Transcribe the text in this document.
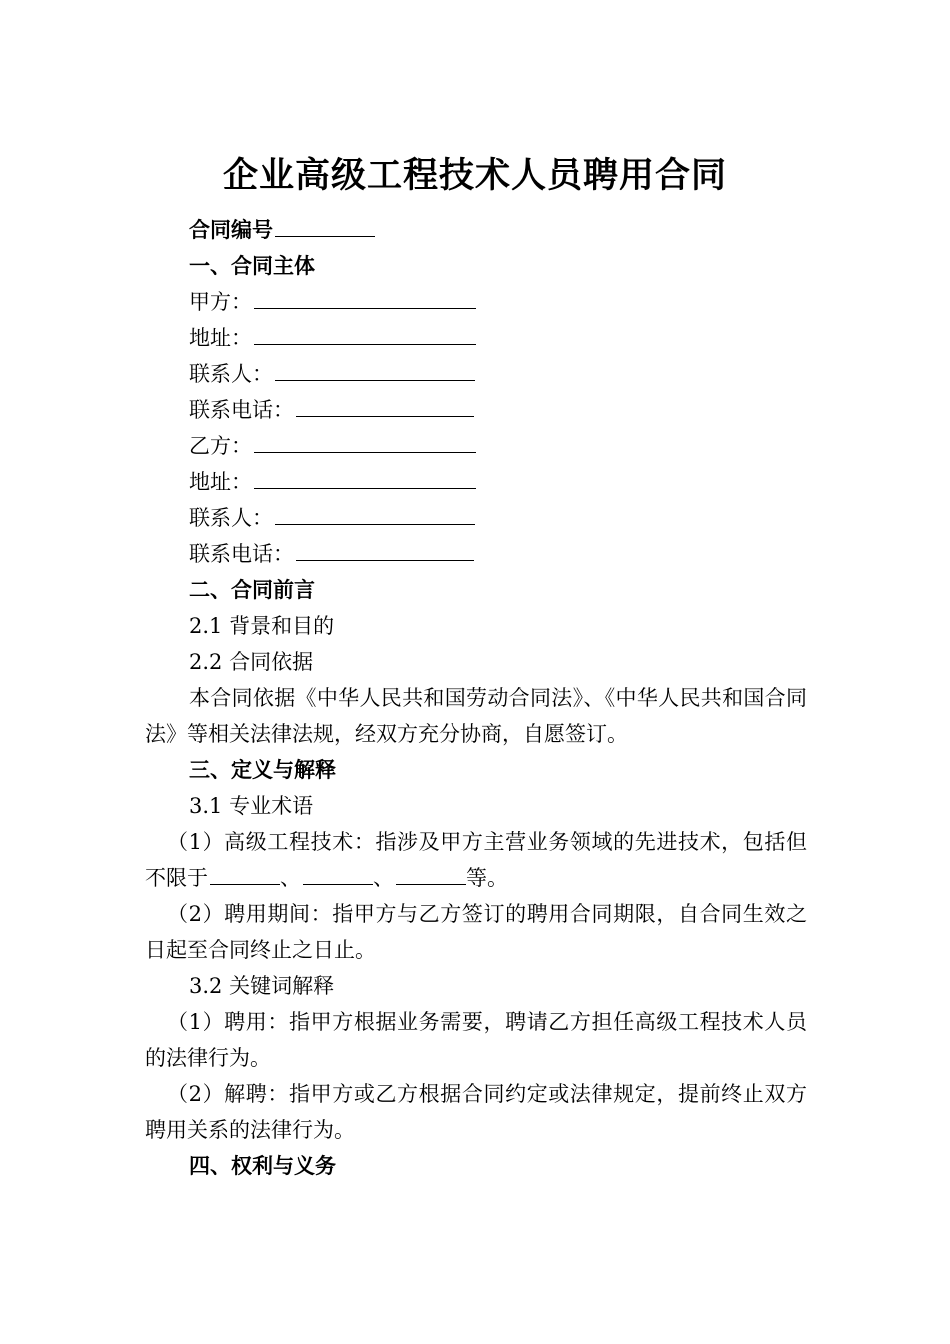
企业高级工程技术人员聘用合同
合同编号
一、合同主体
甲方：
地址：
联系人：
联系电话：
乙方：
地址：
联系人：
联系电话：
二、合同前言
2.1 背景和目的
2.2 合同依据

本合同依据《中华人民共和国劳动合同法》、《中华人民共和国合同法》等相关法律法规，经双方充分协商，自愿签订。

三、定义与解释
3.1 专业术语

（1）高级工程技术：指涉及甲方主营业务领域的先进技术，包括但不限于	、	、	等。

（2）聘用期间：指甲方与乙方签订的聘用合同期限，自合同生效之日起至合同终止之日止。

3.2 关键词解释

（1）聘用：指甲方根据业务需要，聘请乙方担任高级工程技术人员的法律行为。

（2）解聘：指甲方或乙方根据合同约定或法律规定，提前终止双方聘用关系的法律行为。

四、权利与义务
